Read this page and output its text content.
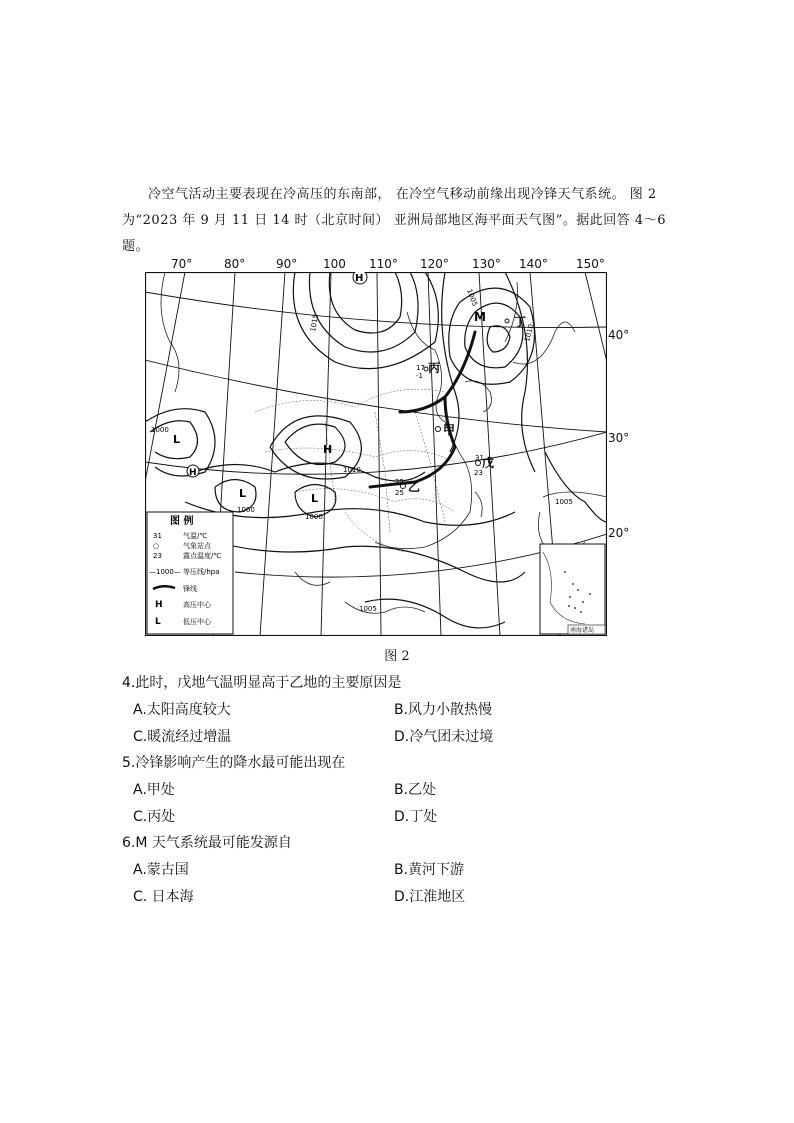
冷空气活动主要表现在冷高压的东南部， 在冷空气移动前缘出现冷锋天气系统。 图 2

为“2023 年 9 月 11 日 14 时（北京时间） 亚洲局部地区海平面天气图”。据此回答 4～6
题。
70°	80°	90° 100 110° 120° 130° 140° 150°
40°
30°
20°
H
H
H
L
L	L
M
丙
17
-1
甲
丁
戊
31
23
乙
25
25
1015
1010
1000
1000
1005
1005
1005
1010
1000
图 例
31	气温/℃
○	气象站点
23	露点温度/℃
—1000— 等压线/hpa
锋线
H	高压中心
L	低压中心
南海诸岛
图 2
4.此时，戊地气温明显高于乙地的主要原因是
A.太阳高度较大	B.风力小散热慢
C.暖流经过增温	D.冷气团未过境
5.冷锋影响产生的降水最可能出现在
A.甲处	B.乙处
C.丙处	D.丁处
6.M 天气系统最可能发源自
A.蒙古国	B.黄河下游
C. 日本海	D.江淮地区
